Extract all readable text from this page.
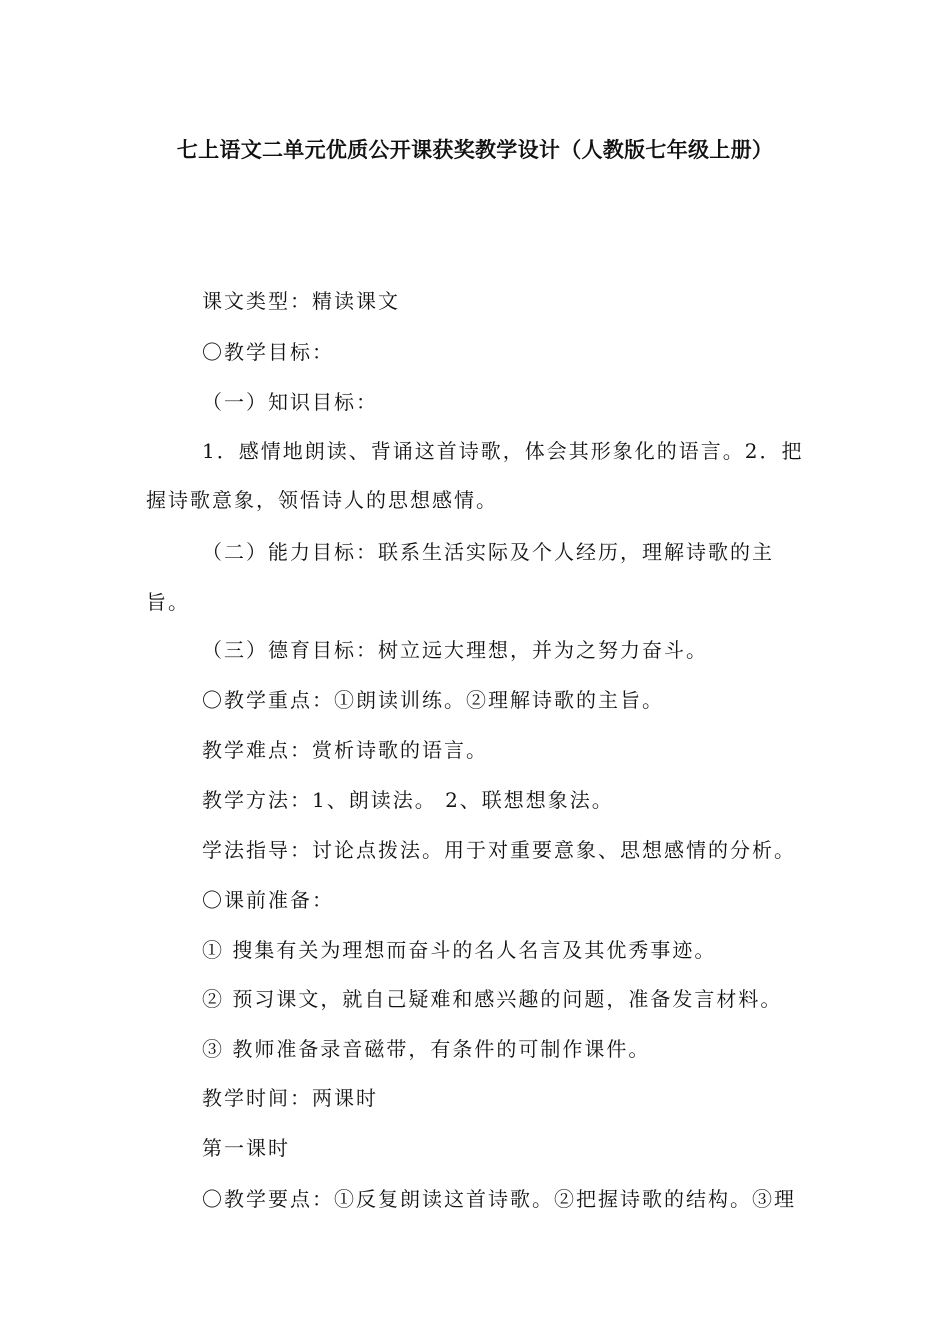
七上语文二单元优质公开课获奖教学设计（人教版七年级上册）
课文类型：精读课文
〇教学目标：
（一）知识目标：
1．感情地朗读、背诵这首诗歌，体会其形象化的语言。2．把
握诗歌意象，领悟诗人的思想感情。
（二）能力目标：联系生活实际及个人经历，理解诗歌的主
旨。
（三）德育目标：树立远大理想，并为之努力奋斗。
〇教学重点：①朗读训练。②理解诗歌的主旨。
教学难点：赏析诗歌的语言。
教学方法：1、朗读法。 2、联想想象法。
学法指导：讨论点拨法。用于对重要意象、思想感情的分析。
〇课前准备：
① 搜集有关为理想而奋斗的名人名言及其优秀事迹。
② 预习课文，就自己疑难和感兴趣的问题，准备发言材料。
③ 教师准备录音磁带，有条件的可制作课件。
教学时间：两课时
第一课时
〇教学要点：①反复朗读这首诗歌。②把握诗歌的结构。③理
